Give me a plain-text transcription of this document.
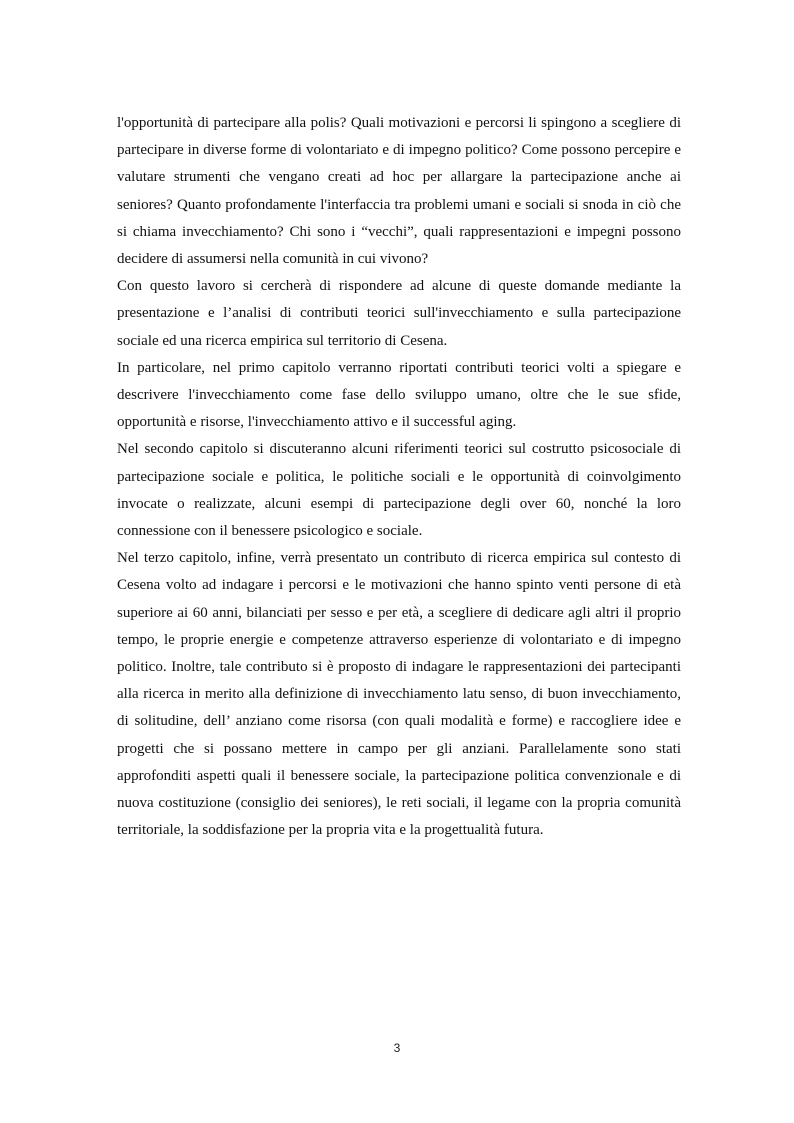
l'opportunità di partecipare alla polis? Quali motivazioni e percorsi li spingono a scegliere di partecipare in diverse forme di volontariato e di impegno politico? Come possono percepire e valutare strumenti che vengano creati ad hoc per allargare la partecipazione anche ai seniores? Quanto profondamente l'interfaccia tra problemi umani e sociali si snoda in ciò che si chiama invecchiamento? Chi sono i “vecchi”, quali rappresentazioni e impegni possono decidere di assumersi nella comunità in cui vivono?

Con questo lavoro si cercherà di rispondere ad alcune di queste domande mediante la presentazione e l’analisi di contributi teorici sull'invecchiamento e sulla partecipazione sociale ed una ricerca empirica sul territorio di Cesena.

In particolare, nel primo capitolo verranno riportati contributi teorici volti a spiegare e descrivere l'invecchiamento come fase dello sviluppo umano, oltre che le sue sfide, opportunità e risorse, l'invecchiamento attivo e il successful aging.

Nel secondo capitolo si discuteranno alcuni riferimenti teorici sul costrutto psicosociale di partecipazione sociale e politica, le politiche sociali e le opportunità di coinvolgimento invocate o realizzate, alcuni esempi di partecipazione degli over 60, nonché la loro connessione con il benessere psicologico e sociale.

Nel terzo capitolo, infine, verrà presentato un contributo di ricerca empirica sul contesto di Cesena volto ad indagare i percorsi e le motivazioni che hanno spinto venti persone di età superiore ai 60 anni, bilanciati per sesso e per età, a scegliere di dedicare agli altri il proprio tempo, le proprie energie e competenze attraverso esperienze di volontariato e di impegno politico. Inoltre, tale contributo si è proposto di indagare le rappresentazioni dei partecipanti alla ricerca in merito alla definizione di invecchiamento latu senso, di buon invecchiamento, di solitudine, dell’ anziano come risorsa (con quali modalità e forme) e raccogliere idee e progetti che si possano mettere in campo per gli anziani. Parallelamente sono stati approfonditi aspetti quali il benessere sociale, la partecipazione politica convenzionale e di nuova costituzione (consiglio dei seniores), le reti sociali, il legame con la propria comunità territoriale, la soddisfazione per la propria vita e la progettualità futura.

3
